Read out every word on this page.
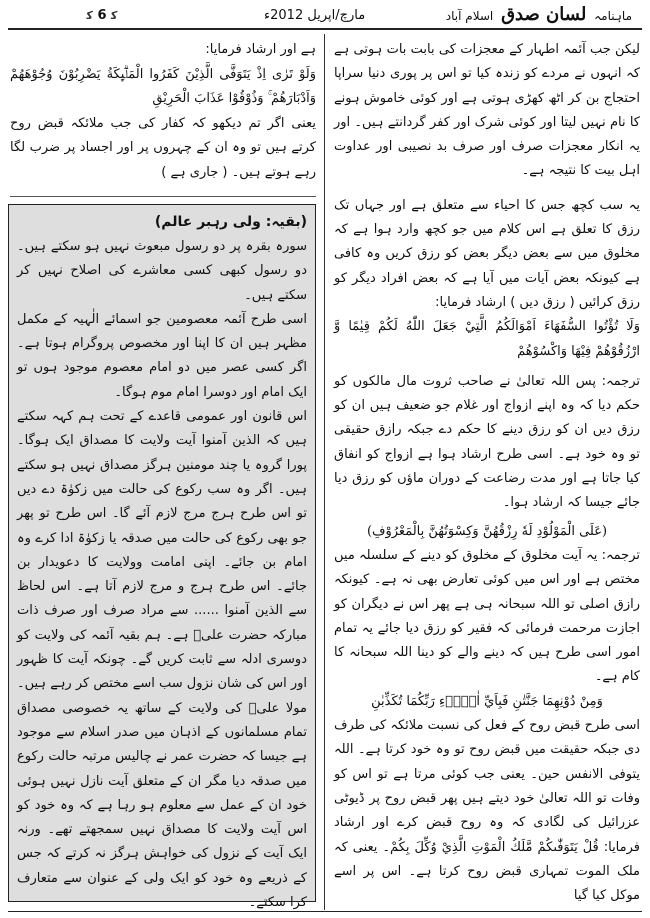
ﮐ 6 ﮐ	مارچ/اپریل 2012ء	ماہنامہ لسان صدق اسلام آباد

لیکن جب آئمہ اطہار کے معجزات کی بابت بات ہوتی ہے کہ انہوں نے مردے کو زندہ کیا تو اس پر پوری دنیا سراپا احتجاج بن کر اٹھ کھڑی ہوتی ہے اور کوئی خاموش ہونے کا نام نہیں لیتا اور کوئی شرک اور کفر گردانتے ہیں۔ اور یہ انکار معجزات صرف اور صرف بد نصیبی اور عداوت اہل بیت کا نتیجہ ہے۔

یہ سب کچھ جس کا احیاء سے متعلق ہے اور جہاں تک رزق کا تعلق ہے اس کلام میں جو کچھ وارد ہوا ہے کہ مخلوق میں سے بعض دیگر بعض کو رزق کریں وہ کافی ہے کیونکہ بعض آیات میں آیا ہے کہ بعض افراد دیگر کو رزق کرائیں ( رزق دیں ) ارشاد فرمایا:

وَلَا تُؤْتُوا السُّفَهَاءَ اَمْوَالَكُمُ الَّتِيْ جَعَلَ اللّٰهُ لَكُمْ قِيٰمًا وَّ ارْزُقُوْهُمْ فِيْهَا وَاكْسُوْهُمْ

ترجمہ: پس اللہ تعالیٰ نے صاحب ثروت مال مالکوں کو حکم دیا کہ وہ اپنے ازواج اور غلام جو ضعیف ہیں ان کو رزق دیں ان کو رزق دینے کا حکم دے جبکہ رازق حقیقی تو وہ خود ہے۔ اسی طرح ارشاد ہوا ہے ازواج کو انفاق کیا جاتا ہے اور مدت رضاعت کے دوران ماؤں کو رزق دیا جائے جیسا کہ ارشاد ہوا۔

(عَلَى الْمَوْلُوْدِ لَهٗ رِزْقُهُنَّ وَكِسْوَتُهُنَّ بِالْمَعْرُوْفِ)

ترجمہ: یہ آیت مخلوق کے مخلوق کو دینے کے سلسلہ میں مختص ہے اور اس میں کوئی تعارض بھی نہ ہے۔ کیونکہ رازق اصلی تو اللہ سبحانہ ہی ہے پھر اس نے دیگران کو اجازت مرحمت فرمائی کہ فقیر کو رزق دیا جائے یہ تمام امور اسی طرح ہیں کہ دینے والے کو دینا اللہ سبحانہ کا کام ہے۔

وَمِنْ دُوْنِهِمَا جَنَّتٰنِ فَبِاَيِّ اٰلَاۗءِ رَبِّكُمَا تُكَذِّبٰنِ

اسی طرح قبض روح کے فعل کی نسبت ملائکہ کی طرف دی جبکہ حقیقت میں قبض روح تو وہ خود کرتا ہے۔ اللہ یتوفی الانفس حین۔ یعنی جب کوئی مرتا ہے تو اس کو وفات تو اللہ تعالیٰ خود دیتے ہیں پھر قبض روح پر ڈیوٹی عزرائیل کی لگادی کہ وہ روح قبض کرے اور ارشاد فرمایا: قُلْ يَتَوَفّٰىكُمْ مَّلَكُ الْمَوْتِ الَّذِيْ وُكِّلَ بِكُمْ۔ یعنی کہ ملک الموت تمہاری قبض روح کرتا ہے۔ اس پر اسے موکل کیا گیا

ہے اور ارشاد فرمایا:

وَلَوْ تَرٰى اِذْ يَتَوَفَّى الَّذِيْنَ كَفَرُوا الْمَلٰۗىِٕكَةُ يَضْرِبُوْنَ وُجُوْهَهُمْ وَاَدْبَارَهُمْ ۚ وَذُوْقُوْا عَذَابَ الْحَرِيْقِ

یعنی اگر تم دیکھو کہ کفار کی جب ملائکہ قبض روح کرتے ہیں تو وہ ان کے چہروں پر اور اجساد پر ضرب لگا رہے ہوتے ہیں۔ ( جاری ہے )

(بقیہ: ولی رہبر عالم)

سورہ بقرہ پر دو رسول مبعوث نہیں ہو سکتے ہیں۔ دو رسول کبھی کسی معاشرے کی اصلاح نہیں کر سکتے ہیں۔

اسی طرح آئمہ معصومین جو اسمائے الٰہیہ کے مکمل مظہر ہیں ان کا اپنا اور مخصوص پروگرام ہوتا ہے۔ اگر کسی عصر میں دو امام معصوم موجود ہوں تو ایک امام اور دوسرا امام موم ہوگا۔

اس قانون اور عمومی قاعدے کے تحت ہم کہہ سکتے ہیں کہ الذین آمنوا آیت ولایت کا مصداق ایک ہوگا۔ پورا گروہ یا چند مومنین ہرگز مصداق نہیں ہو سکتے ہیں۔ اگر وہ سب رکوع کی حالت میں زکوٰۃ دے دیں تو اس طرح ہرج مرج لازم آئے گا۔ اس طرح تو پھر جو بھی رکوع کی حالت میں صدقہ یا زکوٰۃ ادا کرے وہ امام بن جائے۔ اپنی امامت وولایت کا دعویدار بن جائے۔ اس طرح ہرج و مرج لازم آتا ہے۔ اس لحاظ سے الذین آمنوا ...... سے مراد صرف اور صرف ذات مبارکہ حضرت علیؑ ہے۔ ہم بقیہ آئمہ کی ولایت کو دوسری ادلہ سے ثابت کریں گے۔ چونکہ آیت کا ظہور اور اس کی شان نزول سب اسے مختص کر رہے ہیں۔ مولا علیؑ کی ولایت کے ساتھ یہ خصوصی مصداق تمام مسلمانوں کے اذہان میں صدر اسلام سے موجود ہے جیسا کہ حضرت عمر نے چالیس مرتبہ حالت رکوع میں صدقہ دیا مگر ان کے متعلق آیت نازل نہیں ہوئی خود ان کے عمل سے معلوم ہو رہا ہے کہ وہ خود کو اس آیت ولایت کا مصداق نہیں سمجھتے تھے۔ ورنہ ایک آیت کے نزول کی خواہش ہرگز نہ کرتے کہ جس کے ذریعے وہ خود کو ایک ولی کے عنوان سے متعارف کرا سکتے۔
